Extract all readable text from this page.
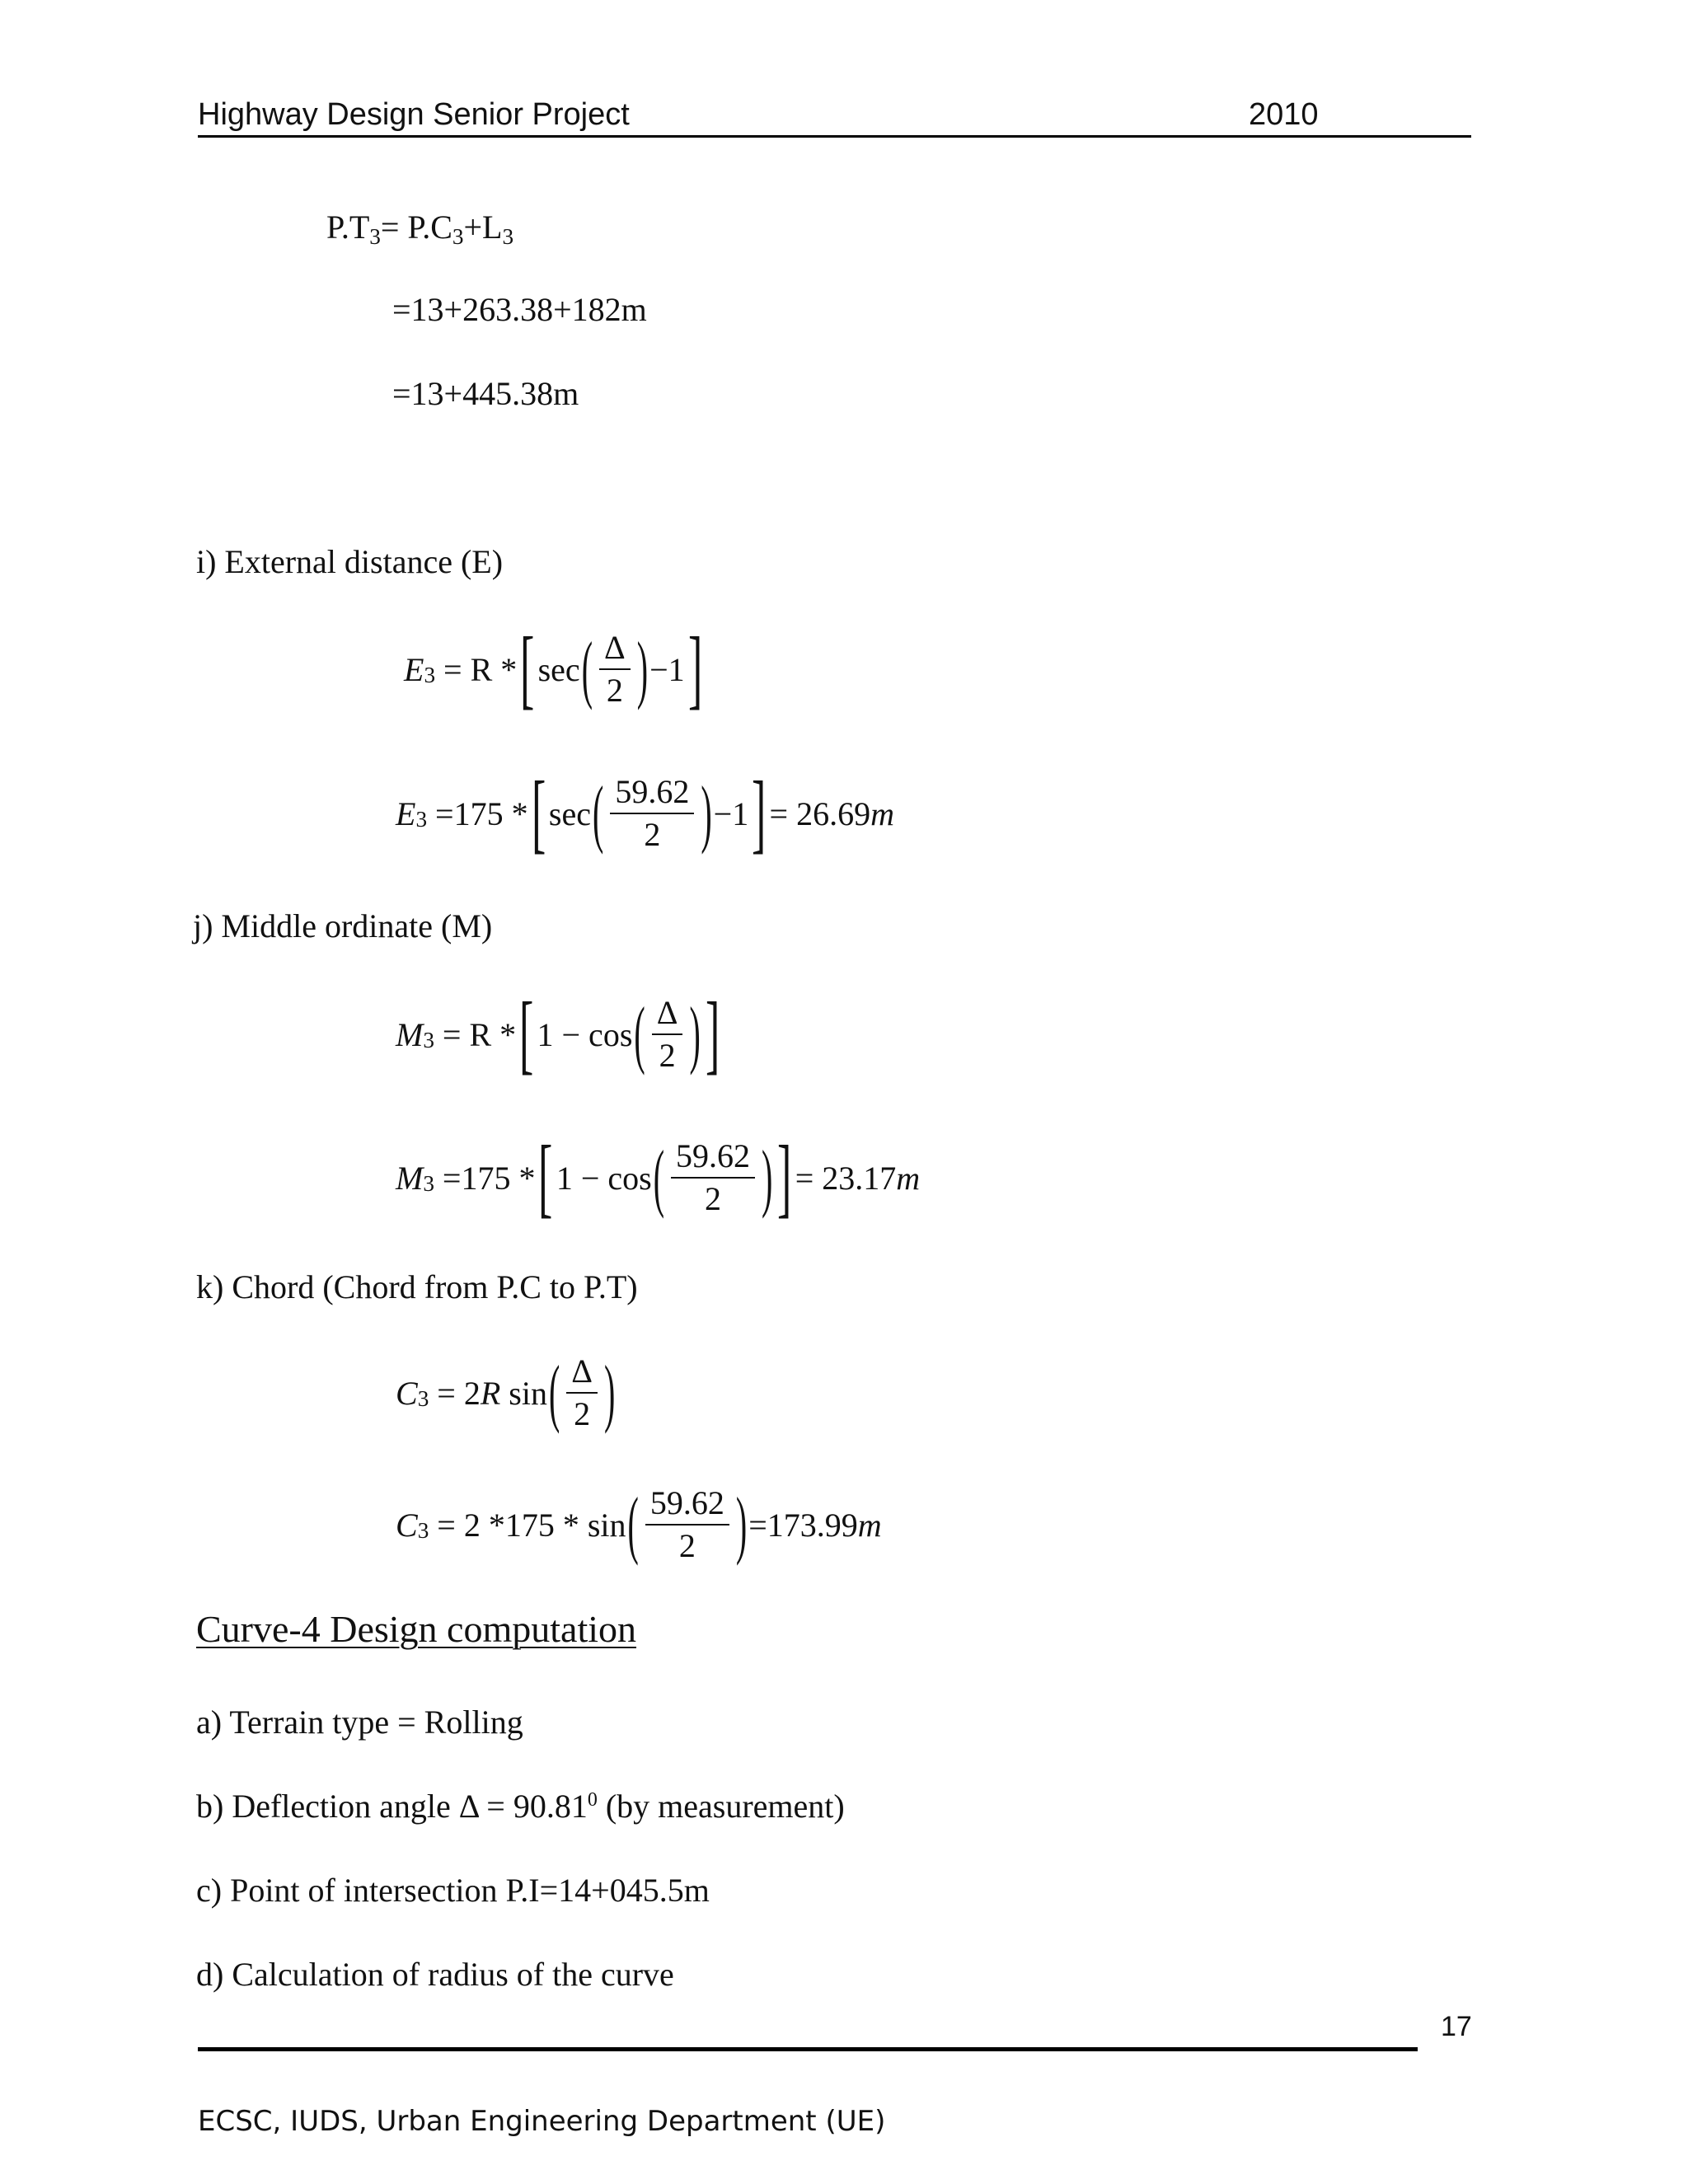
Highway Design Senior Project	2010
P.T3= P.C3+L3
=13+263.38+182m
=13+445.38m
i) External distance (E)
E 3 = R * [ sec ( $\frac{\Delta}{2}$ ) −1 ]
E 3 =175 * [ sec ( $\frac{59.62}{2}$ ) −1 ] = 26.69 m
j) Middle ordinate (M)
M 3 = R * [ 1 − cos ( $\frac{\Delta}{2}$ ) ]
M 3 =175 * [ 1 − cos ( $\frac{59.62}{2}$ ) ] = 23.17 m
k) Chord (Chord from P.C to P.T)
C 3 = 2 R sin ( $\frac{\Delta}{2}$ )
C 3 = 2 *175 * sin ( $\frac{59.62}{2}$ ) =173.99 m
Curve-4 Design computation
a) Terrain type = Rolling
b) Deflection angle $\Delta = 90.81^0$ (by measurement)
c) Point of intersection P.I=14+045.5m
d) Calculation of radius of the curve
17
ECSC, IUDS, Urban Engineering Department (UE)
